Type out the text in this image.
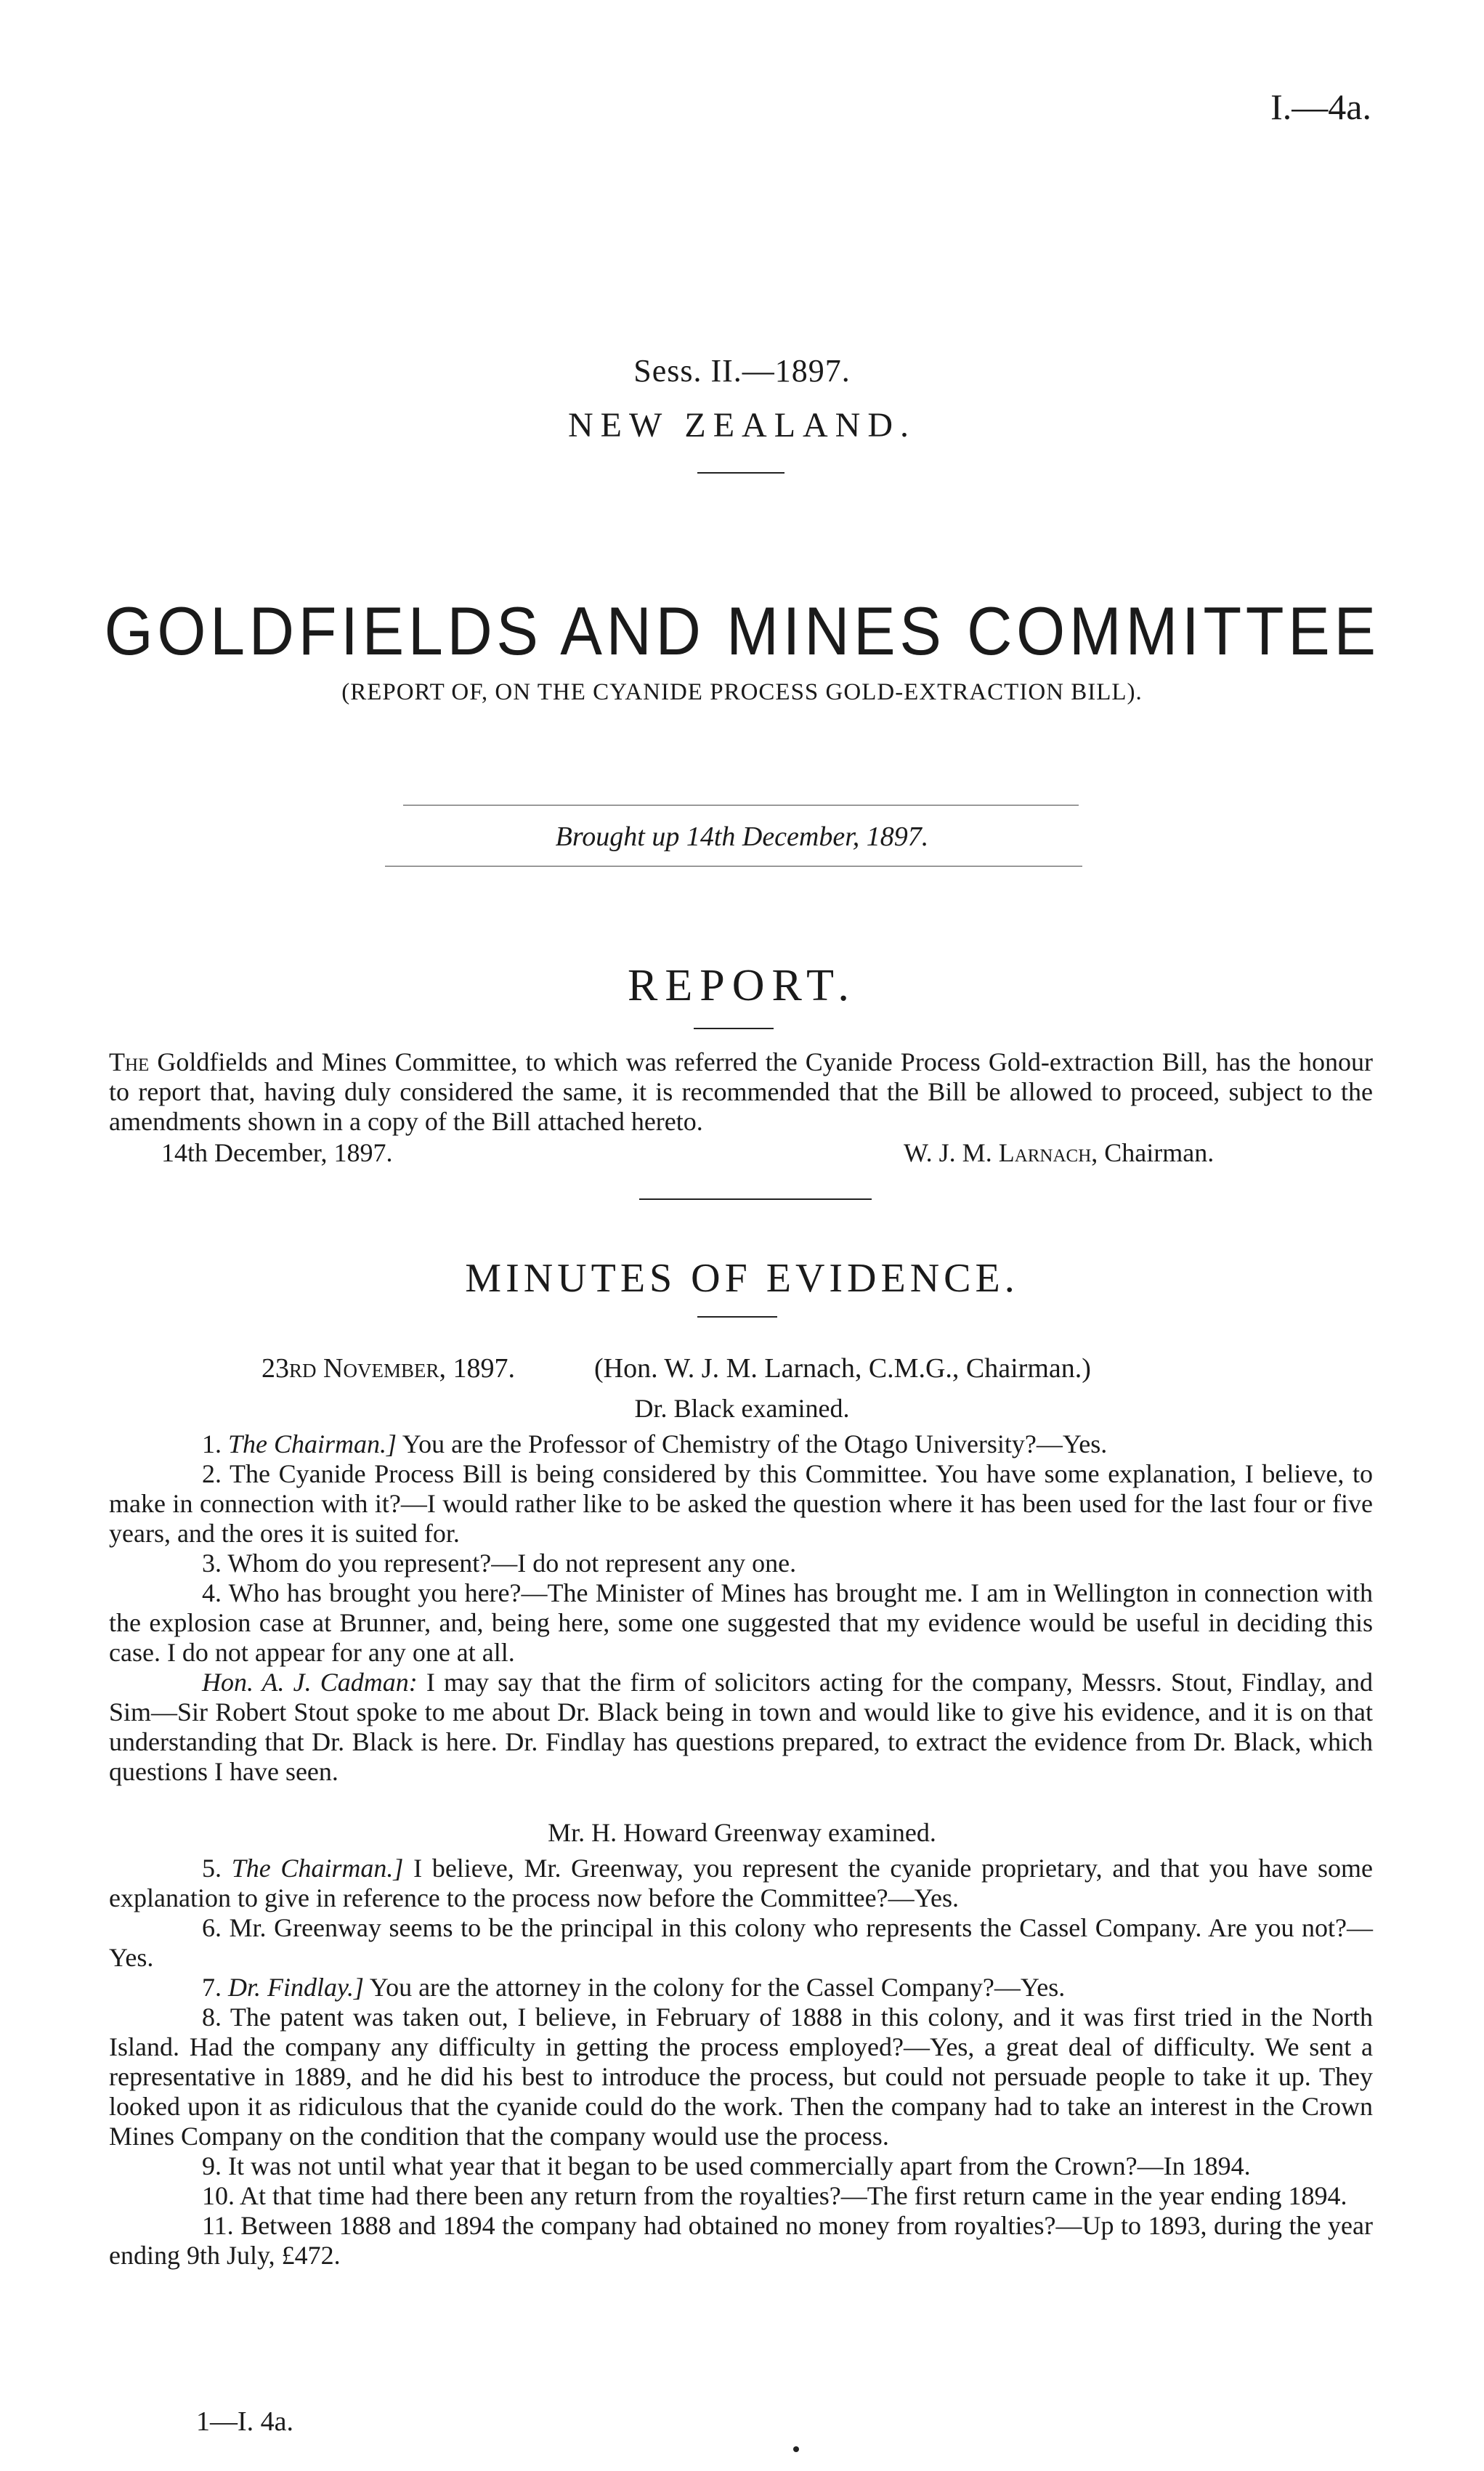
I.—4a.
Sess. II.—1897.
NEW ZEALAND.
GOLDFIELDS AND MINES COMMITTEE
(REPORT OF, ON THE CYANIDE PROCESS GOLD-EXTRACTION BILL).
Brought up 14th December, 1897.
REPORT.

The Goldfields and Mines Committee, to which was referred the Cyanide Process Gold-extraction Bill, has the honour to report that, having duly considered the same, it is recommended that the Bill be allowed to proceed, subject to the amendments shown in a copy of the Bill attached hereto.

14th December, 1897.	W. J. M. Larnach, Chairman.
MINUTES OF EVIDENCE.
23rd November, 1897.	(Hon. W. J. M. Larnach, C.M.G., Chairman.)
Dr. Black examined.

1. The Chairman.] You are the Professor of Chemistry of the Otago University?—Yes.

2. The Cyanide Process Bill is being considered by this Committee. You have some explanation, I believe, to make in connection with it?—I would rather like to be asked the question where it has been used for the last four or five years, and the ores it is suited for.

3. Whom do you represent?—I do not represent any one.

4. Who has brought you here?—The Minister of Mines has brought me. I am in Wellington in connection with the explosion case at Brunner, and, being here, some one suggested that my evidence would be useful in deciding this case. I do not appear for any one at all.

Hon. A. J. Cadman: I may say that the firm of solicitors acting for the company, Messrs. Stout, Findlay, and Sim—Sir Robert Stout spoke to me about Dr. Black being in town and would like to give his evidence, and it is on that understanding that Dr. Black is here. Dr. Findlay has questions prepared, to extract the evidence from Dr. Black, which questions I have seen.

Mr. H. Howard Greenway examined.

5. The Chairman.] I believe, Mr. Greenway, you represent the cyanide proprietary, and that you have some explanation to give in reference to the process now before the Committee?—Yes.

6. Mr. Greenway seems to be the principal in this colony who represents the Cassel Company. Are you not?—Yes.

7. Dr. Findlay.] You are the attorney in the colony for the Cassel Company?—Yes.

8. The patent was taken out, I believe, in February of 1888 in this colony, and it was first tried in the North Island. Had the company any difficulty in getting the process employed?—Yes, a great deal of difficulty. We sent a representative in 1889, and he did his best to introduce the process, but could not persuade people to take it up. They looked upon it as ridiculous that the cyanide could do the work. Then the company had to take an interest in the Crown Mines Company on the condition that the company would use the process.

9. It was not until what year that it began to be used commercially apart from the Crown?—In 1894.

10. At that time had there been any return from the royalties?—The first return came in the year ending 1894.

11. Between 1888 and 1894 the company had obtained no money from royalties?—Up to 1893, during the year ending 9th July, £472.

1—I. 4a.
